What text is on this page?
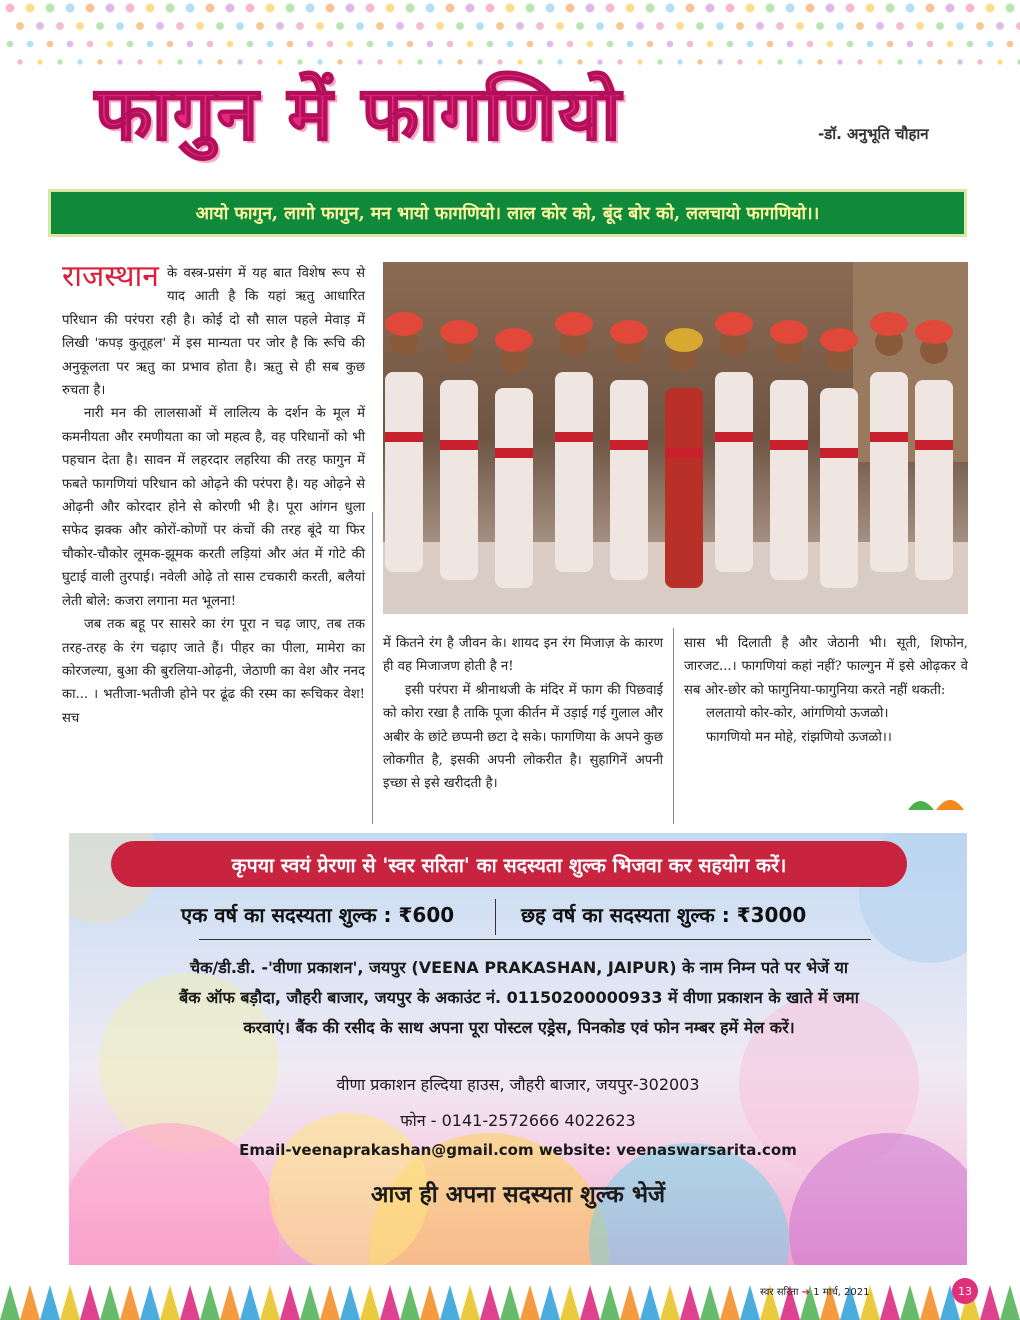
फागुन में फागणियो	-डॉ. अनुभूति चौहान
आयो फागुन, लागो फागुन, मन भायो फागणियो। लाल कोर को, बूंद बोर को, ललचायो फागणियो।।

राजस्थान के वस्त्र-प्रसंग में यह बात विशेष रूप से याद आती है कि यहां ऋतु आधारित परिधान की परंपरा रही है। कोई दो सौ साल पहले मेवाड़ में लिखी 'कपड़ कुतूहल' में इस मान्यता पर जोर है कि रूचि की अनुकूलता पर ऋतु का प्रभाव होता है। ऋतु से ही सब कुछ रुचता है।

नारी मन की लालसाओं में लालित्य के दर्शन के मूल में कमनीयता और रमणीयता का जो महत्व है, वह परिधानों को भी पहचान देता है। सावन में लहरदार लहरिया की तरह फागुन में फबते फागणियां परिधान को ओढ़ने की परंपरा है। यह ओढ़ने से ओढ़नी और कोरदार होने से कोरणी भी है। पूरा आंगन धुला सफेद झक्क और कोरों-कोणों पर कंचों की तरह बूंदे या फिर चौकोर-चौकोर लूमक-झूमक करती लड़ियां और अंत में गोटे की घुटाई वाली तुरपाई। नवेली ओढ़े तो सास टचकारी करती, बलैयां लेती बोले: कजरा लगाना मत भूलना!

जब तक बहू पर सासरे का रंग पूरा न चढ़ जाए, तब तक तरह-तरह के रंग चढ़ाए जाते हैं। पीहर का पीला, मामेरा का कोरजल्या, बुआ की बुरलिया-ओढ़नी, जेठाणी का वेश और ननद का... । भतीजा-भतीजी होने पर ढूंढ की रस्म का रूचिकर वेश! सच

में कितने रंग है जीवन के। शायद इन रंग मिजाज़ के कारण ही वह मिजाजण होती है न!

इसी परंपरा में श्रीनाथजी के मंदिर में फाग की पिछवाई को कोरा रखा है ताकि पूजा कीर्तन में उड़ाई गई गुलाल और अबीर के छांटे छप्पनी छटा दे सके। फागणिया के अपने कुछ लोकगीत है, इसकी अपनी लोकरीत है। सुहागिनें अपनी इच्छा से इसे खरीदती है।

सास भी दिलाती है और जेठानी भी। सूती, शिफोन, जारजट...। फागणियां कहां नहीं? फाल्गुन में इसे ओढ़कर वे सब ओर-छोर को फागुनिया-फागुनिया करते नहीं थकती:

ललतायो कोर-कोर, आंगणियो ऊजळो।

फागणियो मन मोहे, रांझणियो ऊजळो।।

कृपया स्वयं प्रेरणा से 'स्वर सरिता' का सदस्यता शुल्क भिजवा कर सहयोग करें।
एक वर्ष का सदस्यता शुल्क : ₹600	छह वर्ष का सदस्यता शुल्क : ₹3000
चैक/डी.डी. -'वीणा प्रकाशन', जयपुर (VEENA PRAKASHAN, JAIPUR) के नाम निम्न पते पर भेजें या
बैंक ऑफ बड़ौदा, जौहरी बाजार, जयपुर के अकाउंट नं. 01150200000933 में वीणा प्रकाशन के खाते में जमा
करवाएं। बैंक की रसीद के साथ अपना पूरा पोस्टल एड्रेस, पिनकोड एवं फोन नम्बर हमें मेल करें।
वीणा प्रकाशन हल्दिया हाउस, जौहरी बाजार, जयपुर-302003
फोन - 0141-2572666 4022623
Email-veenaprakashan@gmail.com website: veenaswarsarita.com
आज ही अपना सदस्यता शुल्क भेजें
स्वर सरिता ➔ 1 मार्च, 2021	13
